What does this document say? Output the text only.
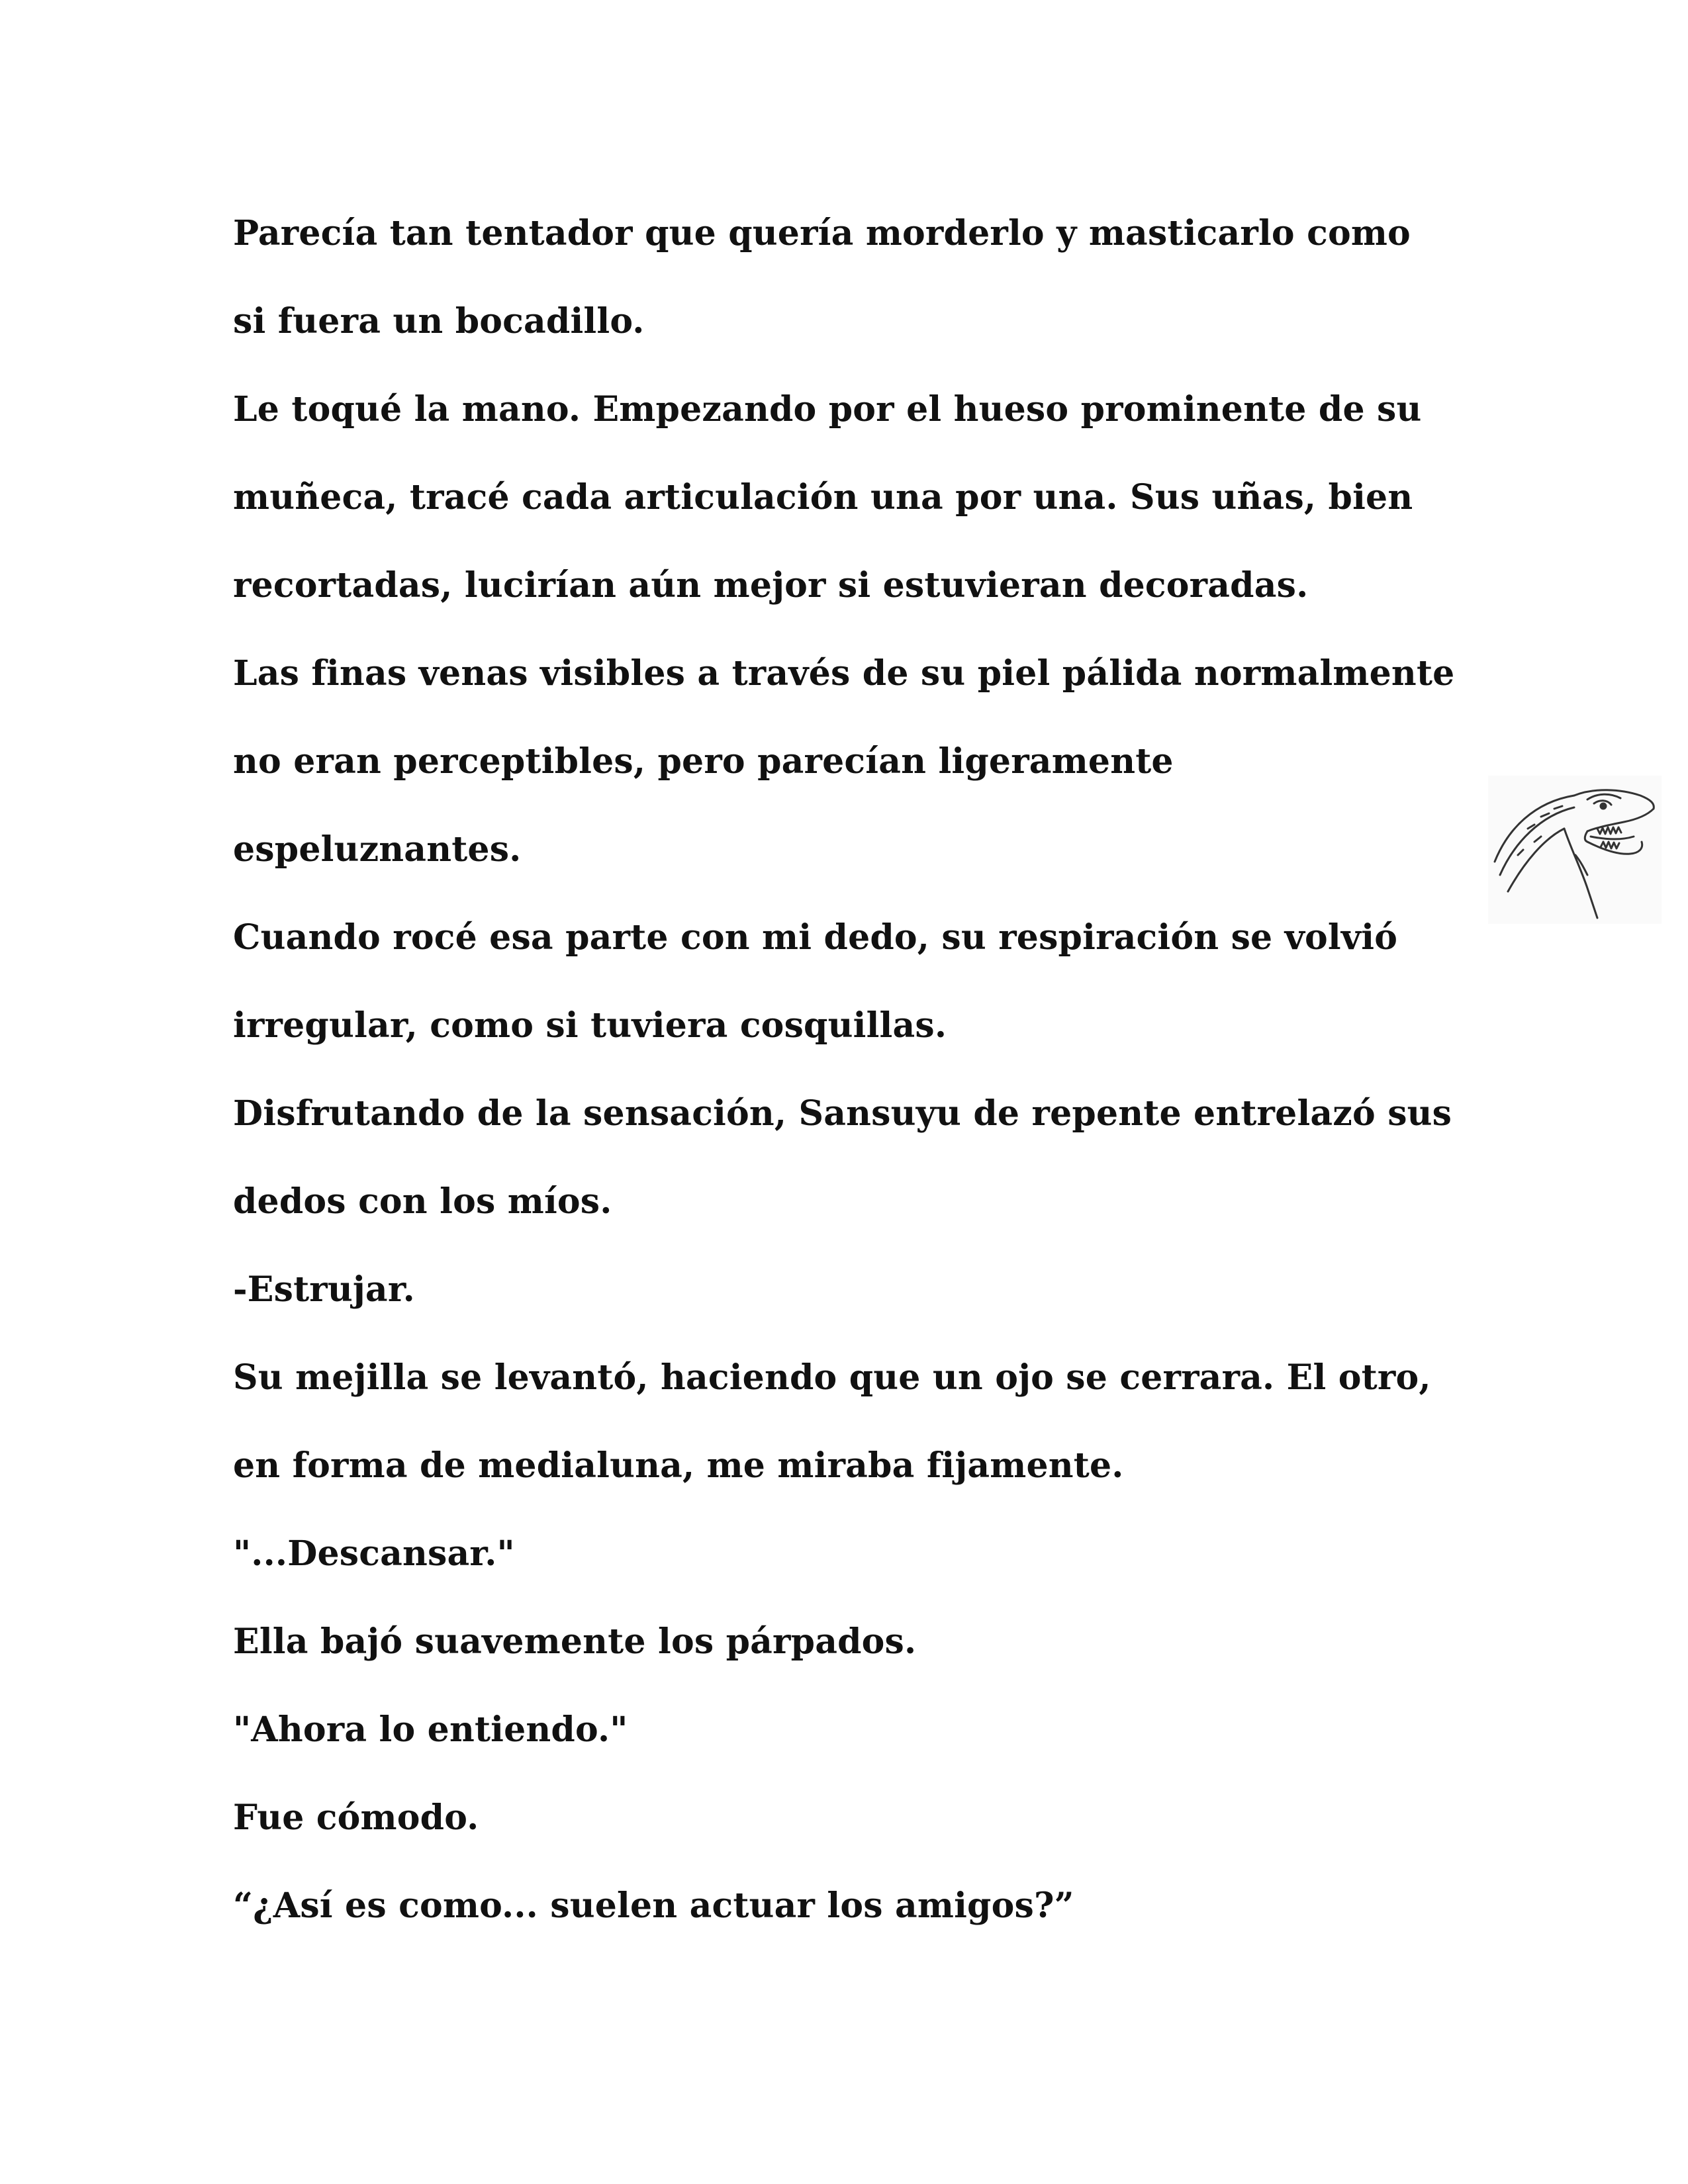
Parecía tan tentador que quería morderlo y masticarlo como
si fuera un bocadillo.
Le toqué la mano. Empezando por el hueso prominente de su
muñeca, tracé cada articulación una por una. Sus uñas, bien
recortadas, lucirían aún mejor si estuvieran decoradas.
Las finas venas visibles a través de su piel pálida normalmente
no eran perceptibles, pero parecían ligeramente
espeluznantes.
Cuando rocé esa parte con mi dedo, su respiración se volvió
irregular, como si tuviera cosquillas.
Disfrutando de la sensación, Sansuyu de repente entrelazó sus
dedos con los míos.
-Estrujar.
Su mejilla se levantó, haciendo que un ojo se cerrara. El otro,
en forma de medialuna, me miraba fijamente.
"...Descansar."
Ella bajó suavemente los párpados.
"Ahora lo entiendo."
Fue cómodo.
“¿Así es como... suelen actuar los amigos?”
